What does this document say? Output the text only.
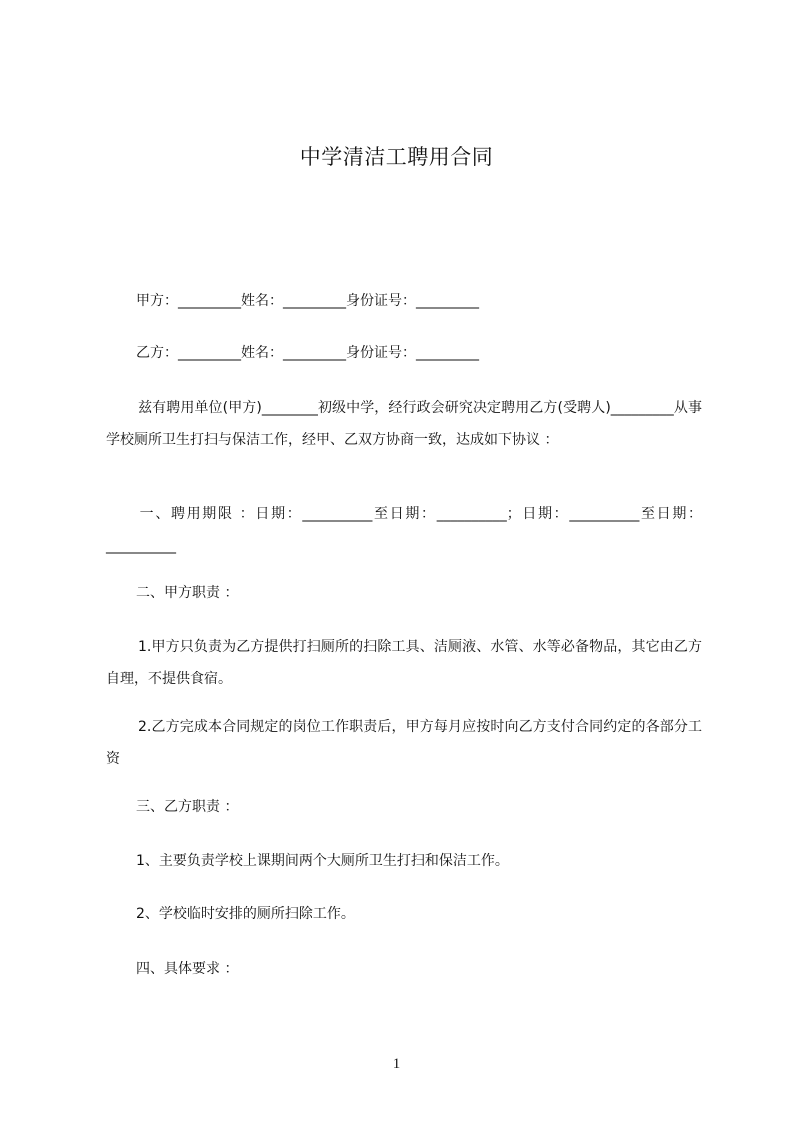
中学清洁工聘用合同
甲方：_________姓名：_________身份证号：_________
乙方：_________姓名：_________身份证号：_________
兹有聘用单位(甲方)________初级中学，经行政会研究决定聘用乙方(受聘人)_________从事学校厕所卫生打扫与保洁工作，经甲、乙双方协商一致，达成如下协议 ：
一、聘用期限 ：日期：__________至日期：__________；日期：__________至日期：__________
二、甲方职责 ：
1.甲方只负责为乙方提供打扫厕所的扫除工具、洁厕液、水管、水等必备物品，其它由乙方自理，不提供食宿。
2.乙方完成本合同规定的岗位工作职责后，甲方每月应按时向乙方支付合同约定的各部分工资
三、乙方职责 ：
1、主要负责学校上课期间两个大厕所卫生打扫和保洁工作。
2、学校临时安排的厕所扫除工作。
四、具体要求 ：
1
